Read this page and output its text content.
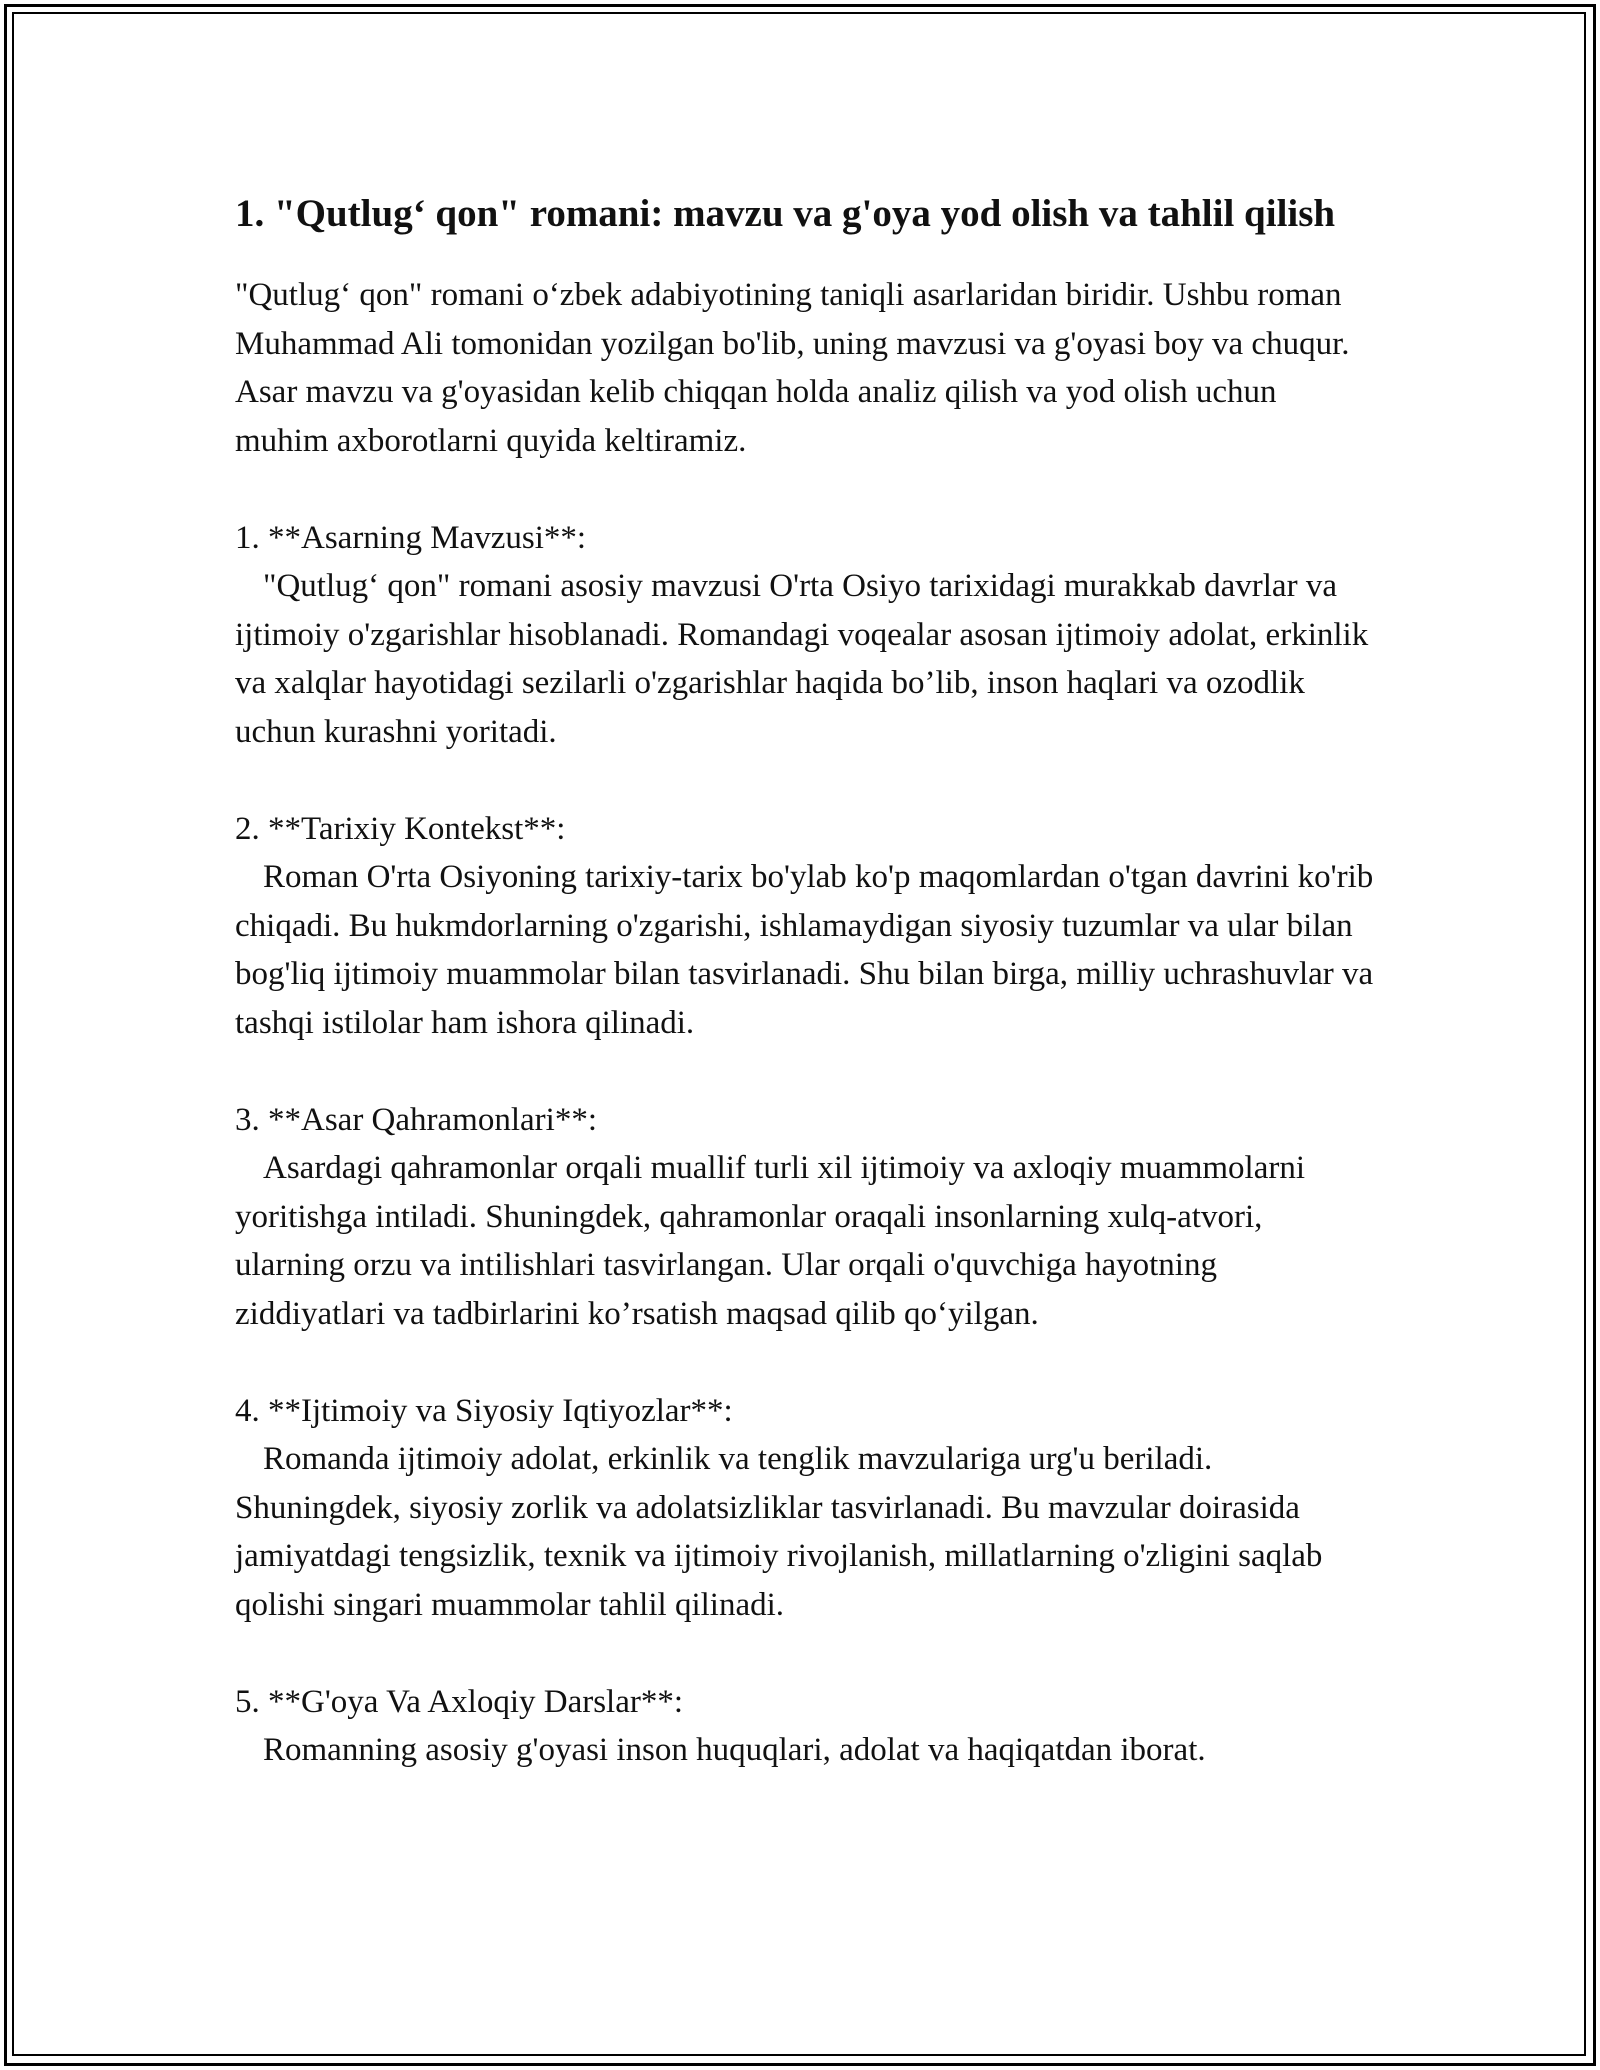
1. "Qutlug‘ qon" romani: mavzu va g'oya yod olish va tahlil qilish

"Qutlug‘ qon" romani o‘zbek adabiyotining taniqli asarlaridan biridir. Ushbu roman Muhammad Ali tomonidan yozilgan bo'lib, uning mavzusi va g'oyasi boy va chuqur. Asar mavzu va g'oyasidan kelib chiqqan holda analiz qilish va yod olish uchun muhim axborotlarni quyida keltiramiz.

1. **Asarning Mavzusi**:
"Qutlug‘ qon" romani asosiy mavzusi O'rta Osiyo tarixidagi murakkab davrlar va ijtimoiy o'zgarishlar hisoblanadi. Romandagi voqealar asosan ijtimoiy adolat, erkinlik va xalqlar hayotidagi sezilarli o'zgarishlar haqida bo’lib, inson haqlari va ozodlik uchun kurashni yoritadi.

2. **Tarixiy Kontekst**:
Roman O'rta Osiyoning tarixiy-tarix bo'ylab ko'p maqomlardan o'tgan davrini ko'rib chiqadi. Bu hukmdorlarning o'zgarishi, ishlamaydigan siyosiy tuzumlar va ular bilan bog'liq ijtimoiy muammolar bilan tasvirlanadi. Shu bilan birga, milliy uchrashuvlar va tashqi istilolar ham ishora qilinadi.

3. **Asar Qahramonlari**:
Asardagi qahramonlar orqali muallif turli xil ijtimoiy va axloqiy muammolarni yoritishga intiladi. Shuningdek, qahramonlar oraqali insonlarning xulq-atvori, ularning orzu va intilishlari tasvirlangan. Ular orqali o'quvchiga hayotning ziddiyatlari va tadbirlarini ko’rsatish maqsad qilib qo‘yilgan.

4. **Ijtimoiy va Siyosiy Iqtiyozlar**:
Romanda ijtimoiy adolat, erkinlik va tenglik mavzulariga urg'u beriladi. Shuningdek, siyosiy zorlik va adolatsizliklar tasvirlanadi. Bu mavzular doirasida jamiyatdagi tengsizlik, texnik va ijtimoiy rivojlanish, millatlarning o'zligini saqlab qolishi singari muammolar tahlil qilinadi.

5. **G'oya Va Axloqiy Darslar**:
Romanning asosiy g'oyasi inson huquqlari, adolat va haqiqatdan iborat.
